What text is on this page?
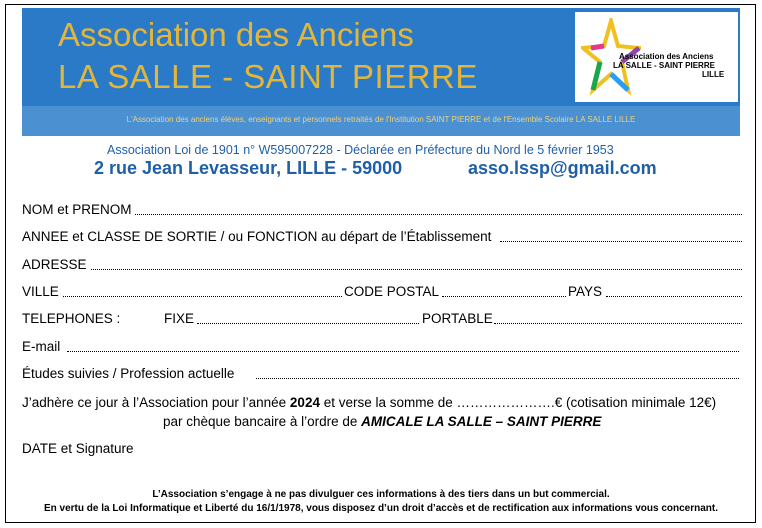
Association des Anciens
LA SALLE - SAINT PIERRE
Association des Anciens
LA SALLE - SAINT PIERRE
LILLE
L'Association des anciens élèves, enseignants et personnels retraités de l'Institution SAINT PIERRE et de l'Ensemble Scolaire LA SALLE LILLE
Association Loi de 1901 n° W595007228 - Déclarée en Préfecture du Nord le 5 février 1953
2 rue Jean Levasseur, LILLE - 59000	asso.lssp@gmail.com
NOM et PRENOM
ANNEE et CLASSE DE SORTIE / ou FONCTION au départ de l’Établissement
ADRESSE
VILLE	CODE POSTAL	PAYS
TELEPHONES :	FIXE	PORTABLE
E-mail
Études suivies / Profession actuelle
J’adhère ce jour à l’Association pour l’année 2024 et verse la somme de ………………….€ (cotisation minimale 12€)
par chèque bancaire à l’ordre de AMICALE LA SALLE – SAINT PIERRE
DATE et Signature
L’Association s’engage à ne pas divulguer ces informations à des tiers dans un but commercial.
En vertu de la Loi Informatique et Liberté du 16/1/1978, vous disposez d’un droit d’accès et de rectification aux informations vous concernant.
